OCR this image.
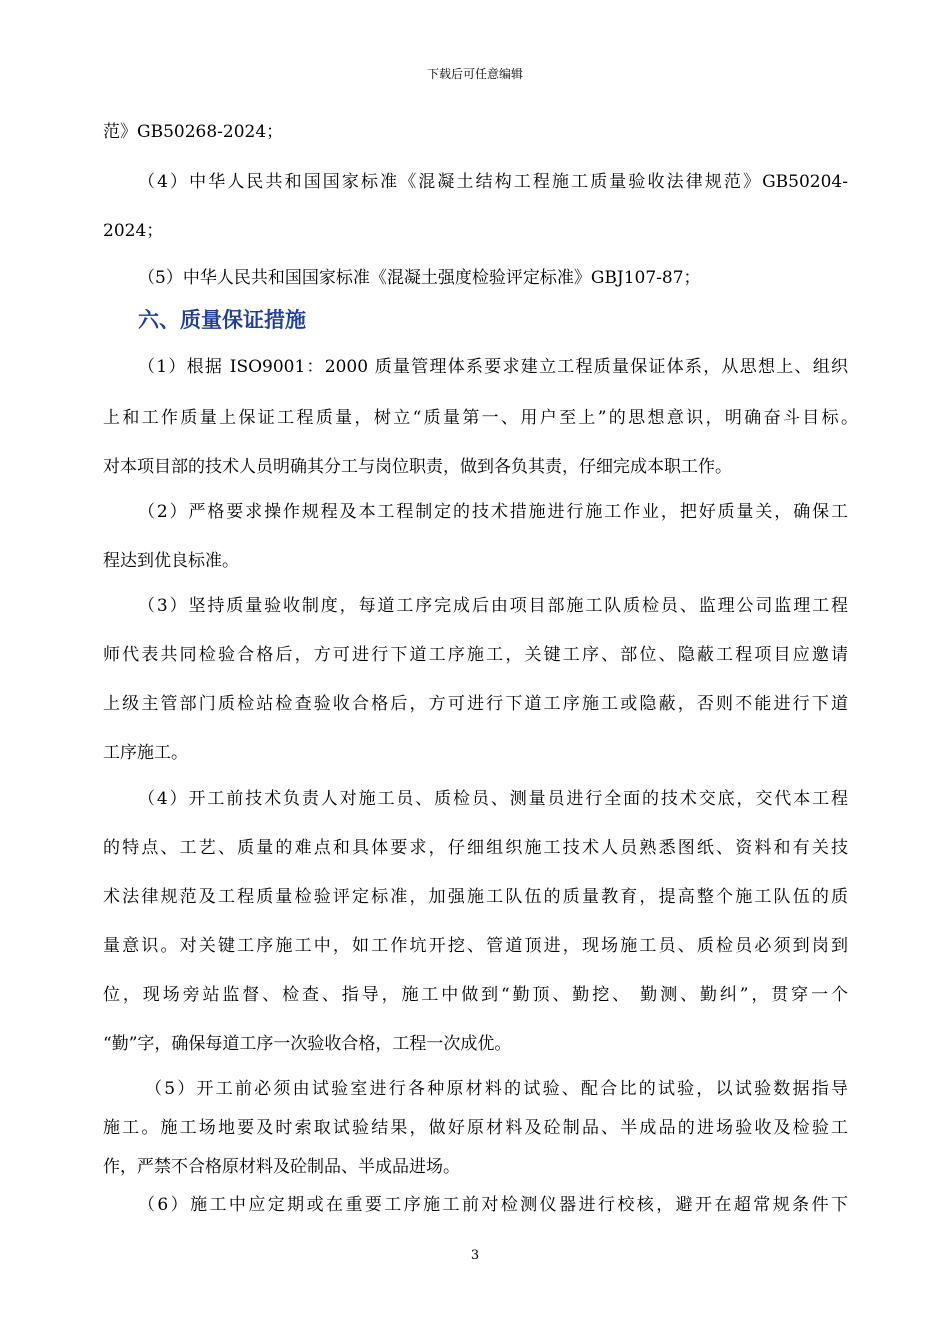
下载后可任意编辑
范》GB50268-2024；
（4）中华人民共和国国家标准《混凝土结构工程施工质量验收法律规范》GB50204-
2024；
（5）中华人民共和国国家标准《混凝土强度检验评定标准》GBJ107-87；
六、质量保证措施
（1）根据 ISO9001：2000 质量管理体系要求建立工程质量保证体系，从思想上、组织
上和工作质量上保证工程质量，树立“质量第一、用户至上”的思想意识，明确奋斗目标。
对本项目部的技术人员明确其分工与岗位职责，做到各负其责，仔细完成本职工作。
（2）严格要求操作规程及本工程制定的技术措施进行施工作业，把好质量关，确保工
程达到优良标准。
（3）坚持质量验收制度，每道工序完成后由项目部施工队质检员、监理公司监理工程
师代表共同检验合格后，方可进行下道工序施工，关键工序、部位、隐蔽工程项目应邀请
上级主管部门质检站检查验收合格后，方可进行下道工序施工或隐蔽，否则不能进行下道
工序施工。
（4）开工前技术负责人对施工员、质检员、测量员进行全面的技术交底，交代本工程
的特点、工艺、质量的难点和具体要求，仔细组织施工技术人员熟悉图纸、资料和有关技
术法律规范及工程质量检验评定标准，加强施工队伍的质量教育，提高整个施工队伍的质
量意识。对关键工序施工中，如工作坑开挖、管道顶进，现场施工员、质检员必须到岗到
位，现场旁站监督、检查、指导，施工中做到“勤顶、勤挖、 勤测、勤纠”，贯穿一个
“勤”字，确保每道工序一次验收合格，工程一次成优。
（5）开工前必须由试验室进行各种原材料的试验、配合比的试验，以试验数据指导
施工。施工场地要及时索取试验结果，做好原材料及砼制品、半成品的进场验收及检验工
作，严禁不合格原材料及砼制品、半成品进场。
（6）施工中应定期或在重要工序施工前对检测仪器进行校核，避开在超常规条件下
3
